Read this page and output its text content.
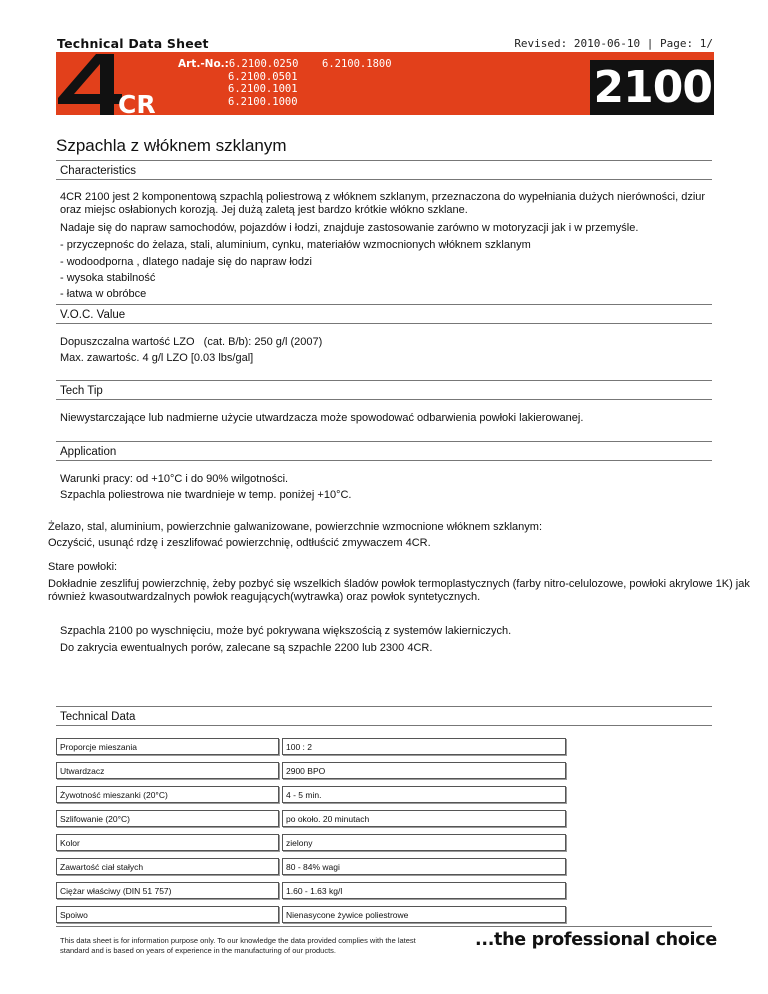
Technical Data Sheet	Revised: 2010-06-10 | Page: 1/
CR
Art.-No.:6.2100.0250
6.2100.0501
6.2100.1001
6.2100.1000
6.2100.1800	2100
Szpachla z włóknem szklanym
Characteristics
4CR 2100 jest 2 komponentową szpachlą poliestrową z włóknem szklanym, przeznaczona do wypełniania dużych nierówności, dziur oraz miejsc osłabionych korozją. Jej dużą zaletą jest bardzo krótkie włókno szklane.
Nadaje się do napraw samochodów, pojazdów i łodzi, znajduje zastosowanie zarówno w motoryzacji jak i w przemyśle.
- przyczepnośc do żelaza, stali, aluminium, cynku, materiałów wzmocnionych włóknem szklanym
- wodoodporna , dlatego nadaje się do napraw łodzi
- wysoka stabilność
- łatwa w obróbce
V.O.C. Value
Dopuszczalna wartość LZO   (cat. B/b): 250 g/l (2007)
Max. zawartośc. 4 g/l LZO [0.03 lbs/gal]
Tech Tip
Niewystarczające lub nadmierne użycie utwardzacza może spowodować odbarwienia powłoki lakierowanej.
Application
Warunki pracy: od +10°C i do 90% wilgotności.
Szpachla poliestrowa nie twardnieje w temp. poniżej +10°C.
Żelazo, stal, aluminium, powierzchnie galwanizowane, powierzchnie wzmocnione włóknem szklanym:
Oczyścić, usunąć rdzę i zeszlifować powierzchnię, odtłuścić zmywaczem 4CR.
Stare powłoki:
Dokładnie zeszlifuj powierzchnię, żeby pozbyć się wszelkich śladów powłok termoplastycznych (farby nitro-celulozowe, powłoki akrylowe 1K) jak również kwasoutwardzalnych powłok reagujących(wytrawka) oraz powłok syntetycznych.
Szpachla 2100 po wyschnięciu, może być pokrywana większością z systemów lakierniczych.
Do zakrycia ewentualnych porów, zalecane są szpachle 2200 lub 2300 4CR.
Technical Data
Proporcje mieszania	100 : 2
Utwardzacz	2900 BPO
Żywotność mieszanki (20°C)	4 - 5 min.
Szlifowanie (20°C)	po około. 20 minutach
Kolor	zielony
Zawartość ciał stałych	80 - 84% wagi
Ciężar właściwy (DIN 51 757)	1.60 - 1.63 kg/l
Spoiwo	Nienasycone żywice poliestrowe
This data sheet is for information purpose only. To our knowledge the data provided complies with the latest standard and is based on years of experience in the manufacturing of our products.
...the professional choice
